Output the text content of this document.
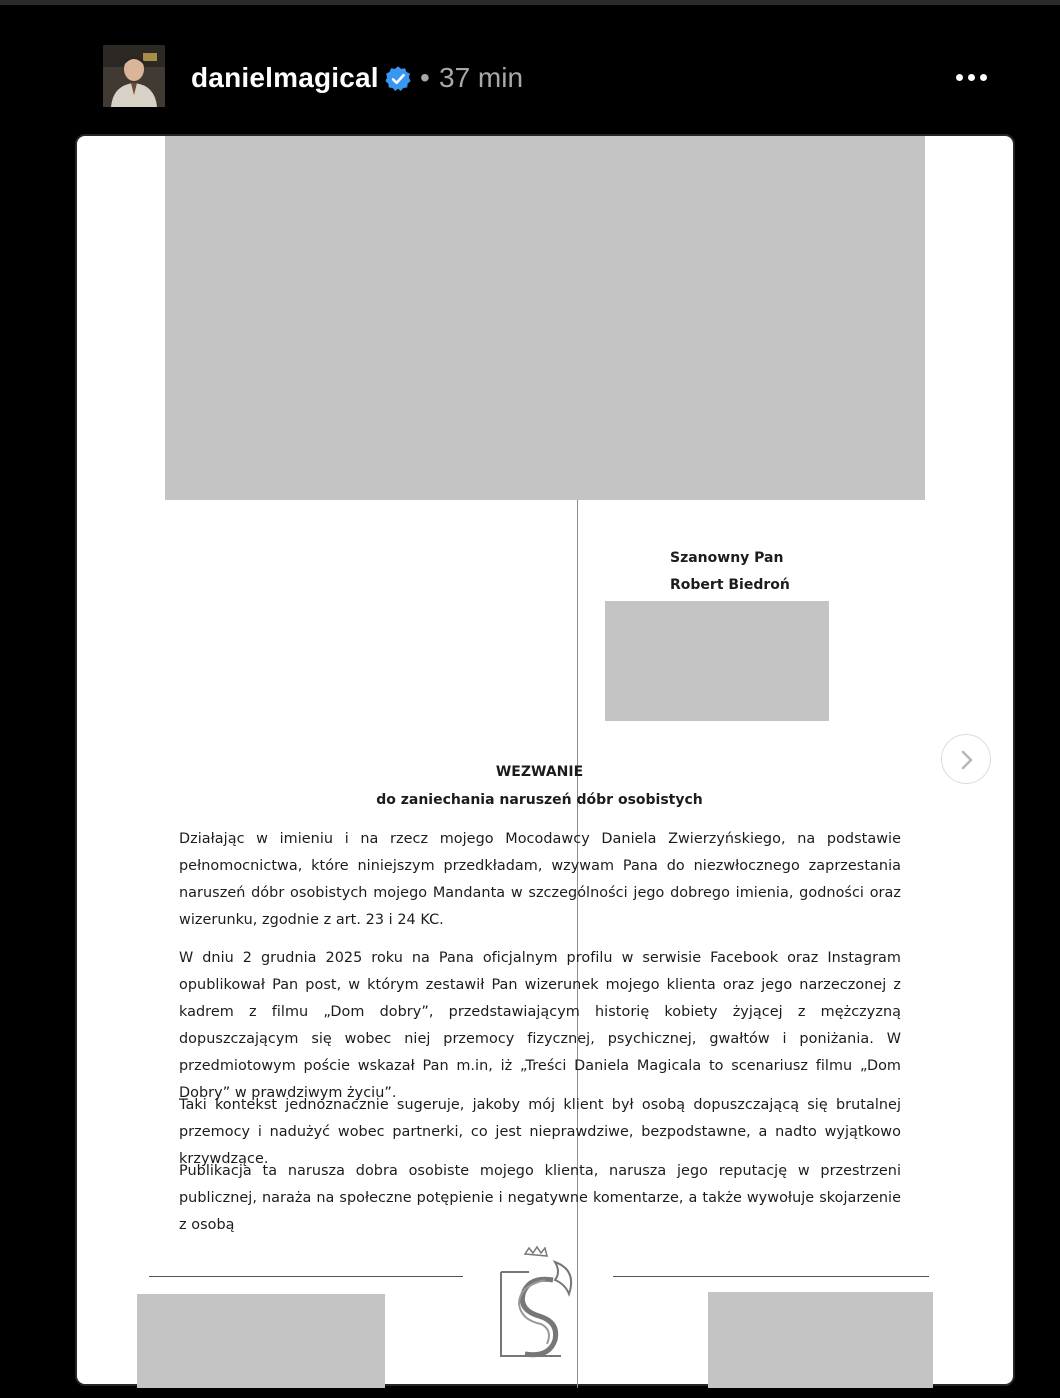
danielmagical • 37 min
Szanowny Pan
Robert Biedroń
WEZWANIE
do zaniechania naruszeń dóbr osobistych
Działając w imieniu i na rzecz mojego Mocodawcy Daniela Zwierzyńskiego, na podstawie pełnomocnictwa, które niniejszym przedkładam, wzywam Pana do niezwłocznego zaprzestania naruszeń dóbr osobistych mojego Mandanta w szczególności jego dobrego imienia, godności oraz wizerunku, zgodnie z art. 23 i 24 KC.
W dniu 2 grudnia 2025 roku na Pana oficjalnym profilu w serwisie Facebook oraz Instagram opublikował Pan post, w którym zestawił Pan wizerunek mojego klienta oraz jego narzeczonej z kadrem z filmu „Dom dobry”, przedstawiającym historię kobiety żyjącej z mężczyzną dopuszczającym się wobec niej przemocy fizycznej, psychicznej, gwałtów i poniżania. W przedmiotowym poście wskazał Pan m.in, iż „Treści Daniela Magicala to scenariusz filmu „Dom Dobry” w prawdziwym życiu”.
Taki kontekst jednoznacznie sugeruje, jakoby mój klient był osobą dopuszczającą się brutalnej przemocy i nadużyć wobec partnerki, co jest nieprawdziwe, bezpodstawne, a nadto wyjątkowo krzywdzące.
Publikacja ta narusza dobra osobiste mojego klienta, narusza jego reputację w przestrzeni publicznej, naraża na społeczne potępienie i negatywne komentarze, a także wywołuje skojarzenie z osobą
